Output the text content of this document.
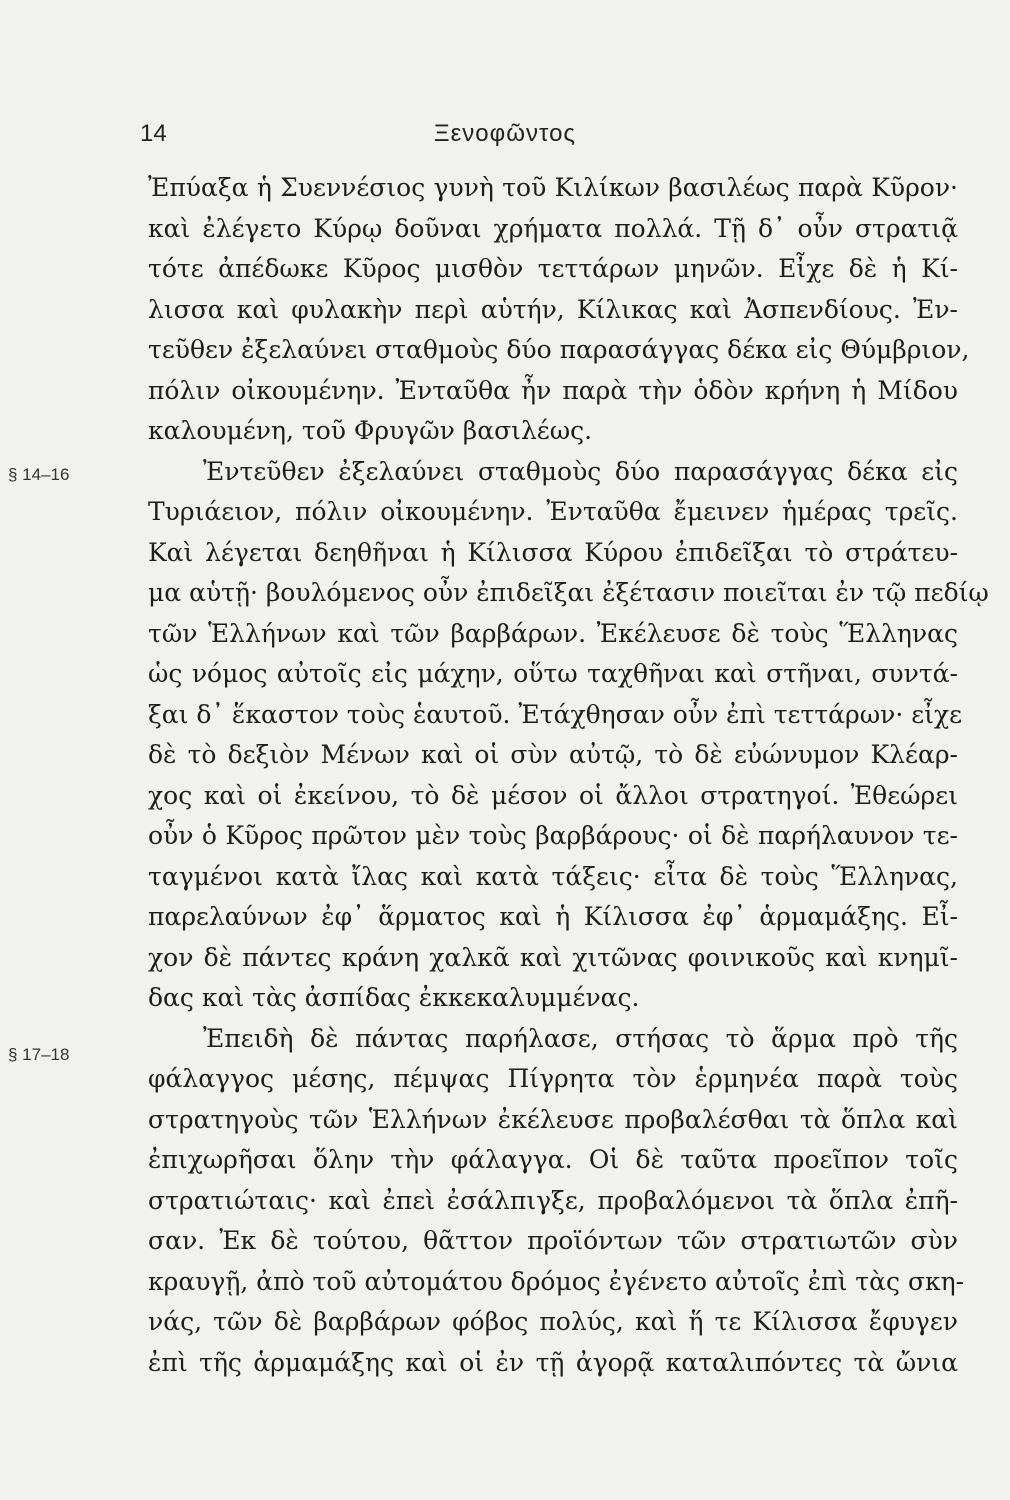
14	Ξενοφῶντος
§ 14–16
§ 17–18
Ἐπύαξα ἡ Συεννέσιος γυνὴ τοῦ Κιλίκων βασιλέως παρὰ Κῦρον·
καὶ ἐλέγετο Κύρῳ δοῦναι χρήματα πολλά. Τῇ δ᾽ οὖν στρατιᾷ
τότε ἀπέδωκε Κῦρος μισθὸν τεττάρων μηνῶν. Εἶχε δὲ ἡ Κί-
λισσα καὶ φυλακὴν περὶ αὑτήν, Κίλικας καὶ Ἀσπενδίους. Ἐν-
τεῦθεν ἐξελαύνει σταθμοὺς δύο παρασάγγας δέκα εἰς Θύμβριον,
πόλιν οἰκουμένην. Ἐνταῦθα ἦν παρὰ τὴν ὁδὸν κρήνη ἡ Μίδου
καλουμένη, τοῦ Φρυγῶν βασιλέως.
Ἐντεῦθεν ἐξελαύνει σταθμοὺς δύο παρασάγγας δέκα εἰς
Τυριάειον, πόλιν οἰκουμένην. Ἐνταῦθα ἔμεινεν ἡμέρας τρεῖς.
Καὶ λέγεται δεηθῆναι ἡ Κίλισσα Κύρου ἐπιδεῖξαι τὸ στράτευ-
μα αὑτῇ· βουλόμενος οὖν ἐπιδεῖξαι ἐξέτασιν ποιεῖται ἐν τῷ πεδίῳ
τῶν Ἑλλήνων καὶ τῶν βαρβάρων. Ἐκέλευσε δὲ τοὺς Ἕλληνας
ὡς νόμος αὐτοῖς εἰς μάχην, οὕτω ταχθῆναι καὶ στῆναι, συντά-
ξαι δ᾽ ἕκαστον τοὺς ἑαυτοῦ. Ἐτάχθησαν οὖν ἐπὶ τεττάρων· εἶχε
δὲ τὸ δεξιὸν Μένων καὶ οἱ σὺν αὐτῷ, τὸ δὲ εὐώνυμον Κλέαρ-
χος καὶ οἱ ἐκείνου, τὸ δὲ μέσον οἱ ἄλλοι στρατηγοί. Ἐθεώρει
οὖν ὁ Κῦρος πρῶτον μὲν τοὺς βαρβάρους· οἱ δὲ παρήλαυνον τε-
ταγμένοι κατὰ ἴλας καὶ κατὰ τάξεις· εἶτα δὲ τοὺς Ἕλληνας,
παρελαύνων ἐφ᾽ ἅρματος καὶ ἡ Κίλισσα ἐφ᾽ ἁρμαμάξης. Εἶ-
χον δὲ πάντες κράνη χαλκᾶ καὶ χιτῶνας φοινικοῦς καὶ κνημῖ-
δας καὶ τὰς ἀσπίδας ἐκκεκαλυμμένας.
Ἐπειδὴ δὲ πάντας παρήλασε, στήσας τὸ ἅρμα πρὸ τῆς
φάλαγγος μέσης, πέμψας Πίγρητα τὸν ἑρμηνέα παρὰ τοὺς
στρατηγοὺς τῶν Ἑλλήνων ἐκέλευσε προβαλέσθαι τὰ ὅπλα καὶ
ἐπιχωρῆσαι ὅλην τὴν φάλαγγα. Οἱ δὲ ταῦτα προεῖπον τοῖς
στρατιώταις· καὶ ἐπεὶ ἐσάλπιγξε, προβαλόμενοι τὰ ὅπλα ἐπῆ-
σαν. Ἐκ δὲ τούτου, θᾶττον προϊόντων τῶν στρατιωτῶν σὺν
κραυγῇ, ἀπὸ τοῦ αὐτομάτου δρόμος ἐγένετο αὐτοῖς ἐπὶ τὰς σκη-
νάς, τῶν δὲ βαρβάρων φόβος πολύς, καὶ ἥ τε Κίλισσα ἔφυγεν
ἐπὶ τῆς ἁρμαμάξης καὶ οἱ ἐν τῇ ἀγορᾷ καταλιπόντες τὰ ὤνια
